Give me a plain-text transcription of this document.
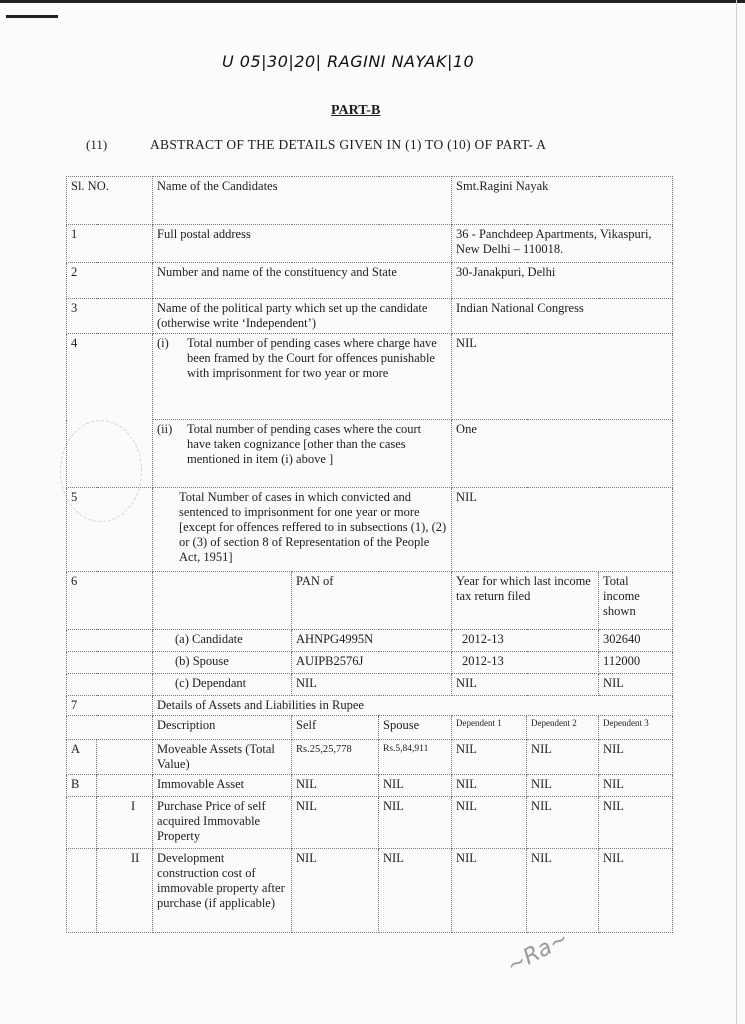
U 05|30|20| RAGINI NAYAK|10
PART-B
(11)	ABSTRACT OF THE DETAILS GIVEN IN (1) TO (10) OF PART- A
Sl. NO.		Name of the Candidates			Smt.Ragini Nayak		
1		Full postal address			36 - Panchdeep Apartments, Vikaspuri, New Delhi – 110018.		
2		Number and name of the constituency and State			30-Janakpuri, Delhi		
3		Name of the political party which set up the candidate (otherwise write ‘Independent’)			Indian National Congress		
4		(i) Total number of pending cases where charge have been framed by the Court for offences punishable with imprisonment for two year or more			NIL		

		(ii) Total number of pending cases where the court have taken cognizance [other than the cases mentioned in item (i) above ]			One		
5		Total Number of cases in which convicted and sentenced to imprisonment for one year or more [except for offences reffered to in subsections (1), (2) or (3) of section 8 of Representation of the People Act, 1951]			NIL		
6			PAN of		Year for which last income tax return filed		Total income shown
		(a) Candidate	AHNPG4995N		2012-13		302640
		(b) Spouse	AUIPB2576J		2012-13		112000
		(c) Dependant	NIL		NIL		NIL
7		Details of Assets and Liabilities in Rupee					
		Description	Self	Spouse	Dependent 1	Dependent 2	Dependent 3
A		Moveable Assets (Total Value)	Rs.25,25,778	Rs.5,84,911	NIL	NIL	NIL
B		Immovable Asset	NIL	NIL	NIL	NIL	NIL
	I	Purchase Price of self acquired Immovable Property	NIL	NIL	NIL	NIL	NIL
	II	Development construction cost of immovable property after purchase (if applicable)	NIL	NIL	NIL	NIL	NIL
~Ra~
